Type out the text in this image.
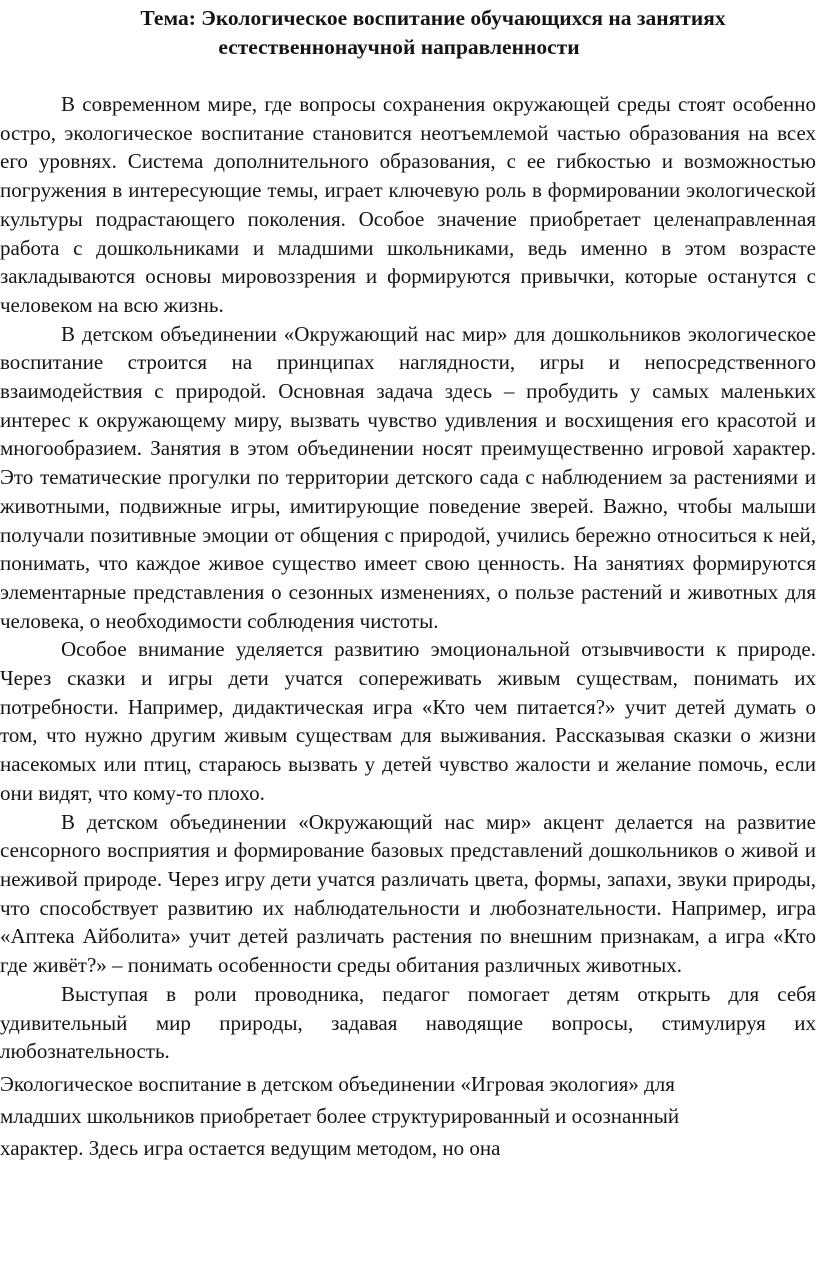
Тема: Экологическое воспитание обучающихся на занятиях
естественнонаучной направленности

В современном мире, где вопросы сохранения окружающей среды стоят особенно остро, экологическое воспитание становится неотъемлемой частью образования на всех его уровнях. Система дополнительного образования, с ее гибкостью и возможностью погружения в интересующие темы, играет ключевую роль в формировании экологической культуры подрастающего поколения. Особое значение приобретает целенаправленная работа с дошкольниками и младшими школьниками, ведь именно в этом возрасте закладываются основы мировоззрения и формируются привычки, которые останутся с человеком на всю жизнь.

В детском объединении «Окружающий нас мир» для дошкольников экологическое воспитание строится на принципах наглядности, игры и непосредственного взаимодействия с природой. Основная задача здесь – пробудить у самых маленьких интерес к окружающему миру, вызвать чувство удивления и восхищения его красотой и многообразием. Занятия в этом объединении носят преимущественно игровой характер. Это тематические прогулки по территории детского сада с наблюдением за растениями и животными, подвижные игры, имитирующие поведение зверей. Важно, чтобы малыши получали позитивные эмоции от общения с природой, учились бережно относиться к ней, понимать, что каждое живое существо имеет свою ценность. На занятиях формируются элементарные представления о сезонных изменениях, о пользе растений и животных для человека, о необходимости соблюдения чистоты.

Особое внимание уделяется развитию эмоциональной отзывчивости к природе. Через сказки и игры дети учатся сопереживать живым существам, понимать их потребности. Например, дидактическая игра «Кто чем питается?» учит детей думать о том, что нужно другим живым существам для выживания. Рассказывая сказки о жизни насекомых или птиц, стараюсь вызвать у детей чувство жалости и желание помочь, если они видят, что кому-то плохо.

В детском объединении «Окружающий нас мир» акцент делается на развитие сенсорного восприятия и формирование базовых представлений дошкольников о живой и неживой природе. Через игру дети учатся различать цвета, формы, запахи, звуки природы, что способствует развитию их наблюдательности и любознательности. Например, игра «Аптека Айболита» учит детей различать растения по внешним признакам, а игра «Кто где живёт?» – понимать особенности среды обитания различных животных.

Выступая в роли проводника, педагог помогает детям открыть для себя удивительный мир природы, задавая наводящие вопросы, стимулируя их любознательность.

Экологическое воспитание в детском объединении «Игровая экология» для

младших школьников приобретает более структурированный и осознанный

характер. Здесь игра остается ведущим методом, но она
